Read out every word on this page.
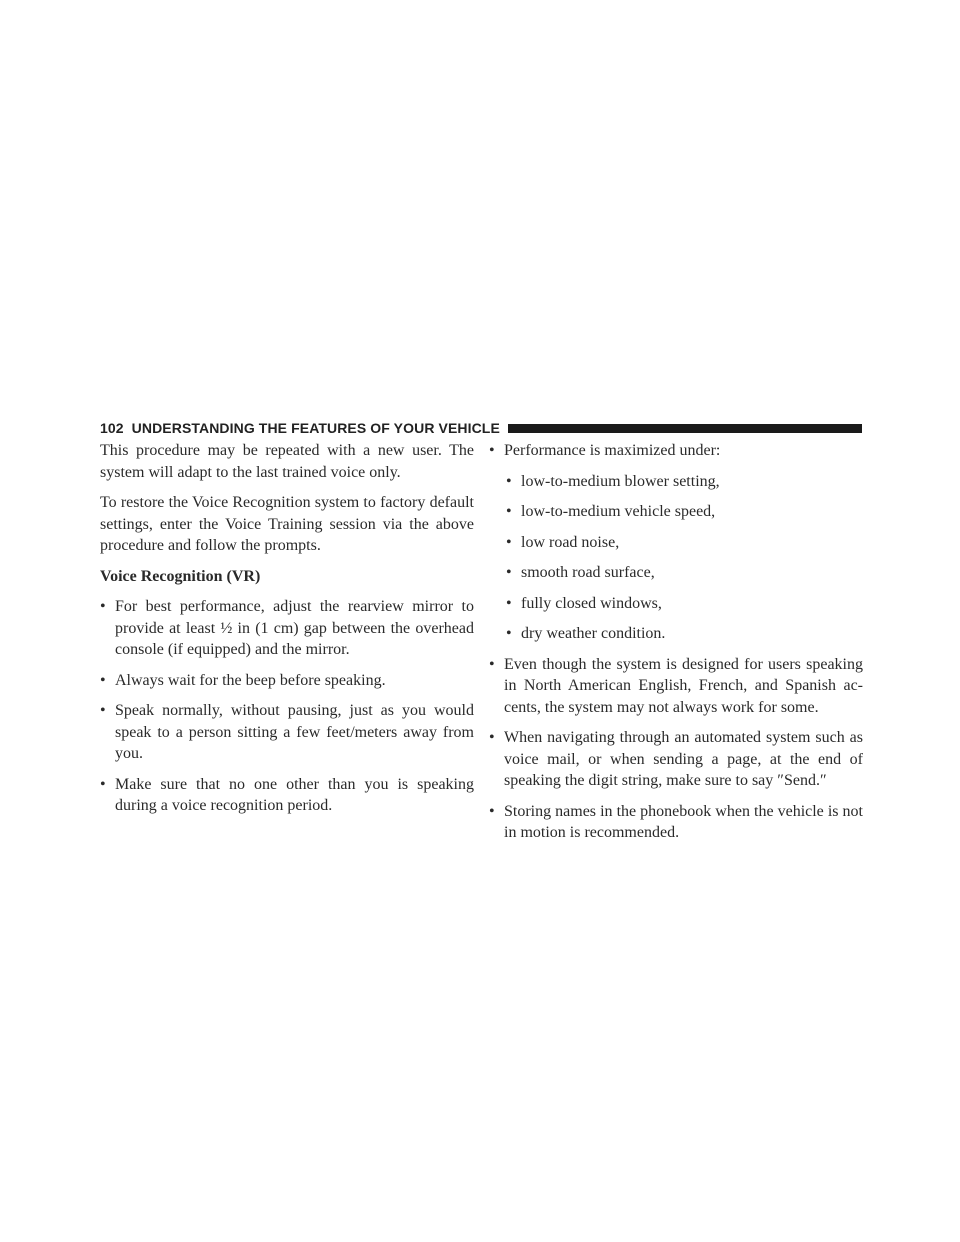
102 UNDERSTANDING THE FEATURES OF YOUR VEHICLE

This procedure may be repeated with a new user. The system will adapt to the last trained voice only.

To restore the Voice Recognition system to factory default settings, enter the Voice Training session via the above procedure and follow the prompts.

Voice Recognition (VR)
• For best performance, adjust the rearview mirror to provide at least ½ in (1 cm) gap between the overhead console (if equipped) and the mirror.
• Always wait for the beep before speaking.
• Speak normally, without pausing, just as you would speak to a person sitting a few feet/meters away from you.
• Make sure that no one other than you is speaking during a voice recognition period.
• Performance is maximized under:
• low-to-medium blower setting,
• low-to-medium vehicle speed,
• low road noise,
• smooth road surface,
• fully closed windows,
• dry weather condition.
• Even though the system is designed for users speaking in North American English, French, and Spanish ac- cents, the system may not always work for some.
• When navigating through an automated system such as voice mail, or when sending a page, at the end of speaking the digit string, make sure to say ″Send.″
• Storing names in the phonebook when the vehicle is not in motion is recommended.
